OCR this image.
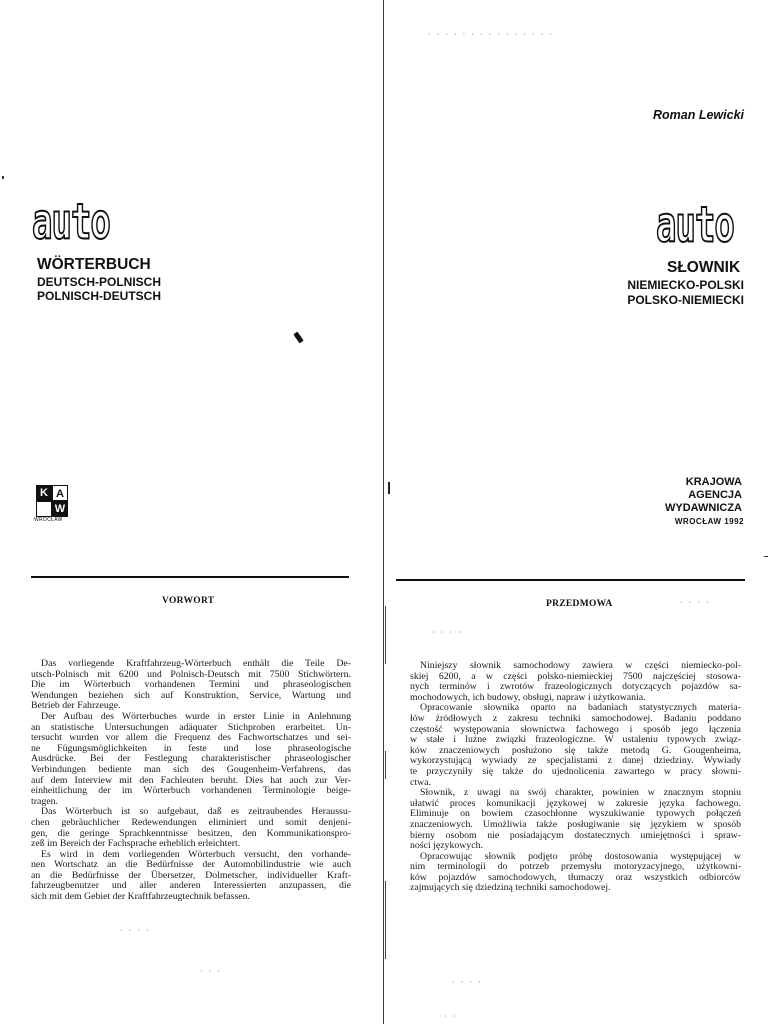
· · · · · · · · · · · · · · ·
· · · ·
· · · ·
· · · ·
· · ·
· · · ·
· ·
auto
WÖRTERBUCH
DEUTSCH-POLNISCH
POLNISCH-DEUTSCH
K A
W
WROCŁAW
VORWORT
Das vorliegende Kraftfahrzeug-Wörterbuch enthält die Teile De-
utsch-Polnisch mit 6200 und Polnisch-Deutsch mit 7500 Stichwörtern.
Die im Wörterbuch vorhandenen Termini und phraseologischen
Wendungen beziehen sich auf Konstruktion, Service, Wartung und
Betrieb der Fahrzeuge.
Der Aufbau des Wörterbuches wurde in erster Linie in Anlehnung
an statistische Untersuchungen adäquater Stichproben erarbeitet. Un-
tersucht wurden vor allem die Frequenz des Fachwortschatzes und sei-
ne Fügungsmöglichkeiten in feste und lose phraseologische
Ausdrücke. Bei der Festlegung charakteristischer phraseologischer
Verbindungen bediente man sich des Gougenheim-Verfahrens, das
auf dem Interview mit den Fachleuten beruht. Dies hat auch zur Ver-
einheitlichung der im Wörterbuch vorhandenen Terminologie beige-
tragen.
Das Wörterbuch ist so aufgebaut, daß es zeitraubendes Heraussu-
chen gebräuchlicher Redewendungen eliminiert und somit denjeni-
gen, die geringe Sprachkenntnisse besitzen, den Kommunikationspro-
zeß im Bereich der Fachsprache erheblich erleichtert.
Es wird in dem vorliegenden Wörterbuch versucht, den vorhande-
nen Wortschatz an die Bedürfnisse der Automobilindustrie wie auch
an die Bedürfnisse der Übersetzer, Dolmetscher, individueller Kraft-
fahrzeugbenutzer und aller anderen Interessierten anzupassen, die
sich mit dem Gebiet der Kraftfahrzeugtechnik befassen.
Roman Lewicki
auto
SŁOWNIK
NIEMIECKO-POLSKI
POLSKO-NIEMIECKI
KRAJOWA
AGENCJA
WYDAWNICZA
WROCŁAW 1992
PRZEDMOWA
Niniejszy słownik samochodowy zawiera w części niemiecko-pol-
skiej 6200, a w części polsko-niemieckiej 7500 najczęściej stosowa-
nych terminów i zwrotów frazeologicznych dotyczących pojazdów sa-
mochodowych, ich budowy, obsługi, napraw i użytkowania.
Opracowanie słownika oparto na badaniach statystycznych materia-
łów źródłowych z zakresu techniki samochodowej. Badaniu poddano
częstość występowania słownictwa fachowego i sposób jego łączenia
w stałe i luźne związki frazeologiczne. W ustaleniu typowych związ-
ków znaczeniowych posłużono się także metodą G. Gougenheima,
wykorzystującą wywiady ze specjalistami z danej dziedziny. Wywiady
te przyczyniły się także do ujednolicenia zawartego w pracy słowni-
ctwa.
Słownik, z uwagi na swój charakter, powinien w znacznym stopniu
ułatwić proces komunikacji językowej w zakresie języka fachowego.
Eliminuje on bowiem czasochłonne wyszukiwanie typowych połączeń
znaczeniowych. Umożliwia także posługiwanie się językiem w sposób
bierny osobom nie posiadającym dostatecznych umiejętności i spraw-
ności językowych.
Opracowując słownik podjęto próbę dostosowania występującej w
nim terminologii do potrzeb przemysłu motoryzacyjnego, użytkowni-
ków pojazdów samochodowych, tłumaczy oraz wszystkich odbiorców
zajmujących się dziedziną techniki samochodowej.
